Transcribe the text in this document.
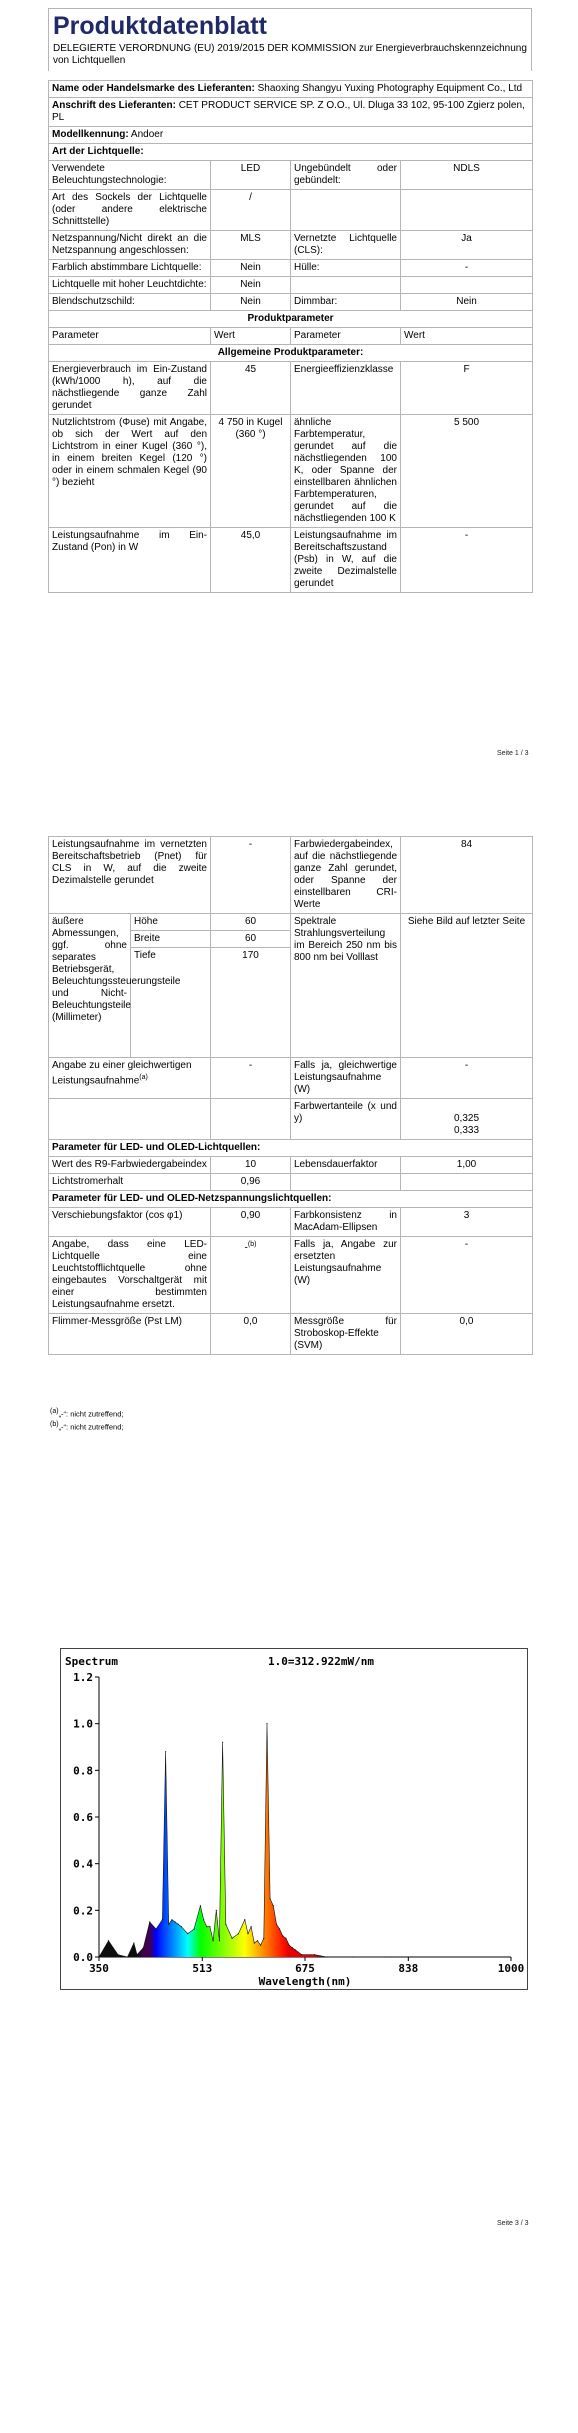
Produktdatenblatt
DELEGIERTE VERORDNUNG (EU) 2019/2015 DER KOMMISSION zur Energieverbrauchskennzeichnung von Lichtquellen
Name oder Handelsmarke des Lieferanten: Shaoxing Shangyu Yuxing Photography Equipment Co., Ltd			
Anschrift des Lieferanten: CET PRODUCT SERVICE SP. Z O.O., Ul. Dluga 33 102, 95-100 Zgierz polen, PL			
Modellkennung: Andoer			
Art der Lichtquelle:			
Verwendete Beleuchtungstechnologie:	LED	Ungebündelt oder gebündelt:	NDLS
Art des Sockels der Lichtquelle (oder andere elektrische Schnittstelle)	/		
Netzspannung/Nicht direkt an die Netzspannung angeschlossen:	MLS	Vernetzte Lichtquelle (CLS):	Ja
Farblich abstimmbare Lichtquelle:	Nein	Hülle:	-
Lichtquelle mit hoher Leuchtdichte:	Nein		
Blendschutzschild:	Nein	Dimmbar:	Nein
Produktparameter			
Parameter	Wert	Parameter	Wert
Allgemeine Produktparameter:			
Energieverbrauch im Ein-Zustand (kWh/1000 h), auf die nächstliegende ganze Zahl gerundet	45	Energieeffizienzklasse	F
Nutzlichtstrom (Φuse) mit Angabe, ob sich der Wert auf den Lichtstrom in einer Kugel (360 °), in einem breiten Kegel (120 °) oder in einem schmalen Kegel (90 °) bezieht	4 750 in Kugel (360 °)	ähnliche Farbtemperatur, gerundet auf die nächstliegenden 100 K, oder Spanne der einstellbaren ähnlichen Farbtemperaturen, gerundet auf die nächstliegenden 100 K	5 500
Leistungsaufnahme im Ein-Zustand (Pon) in W	45,0	Leistungsaufnahme im Bereitschaftszustand (Psb) in W, auf die zweite Dezimalstelle gerundet	-
Seite 1 / 3
Leistungsaufnahme im vernetzten Bereitschaftsbetrieb (Pnet) für CLS in W, auf die zweite Dezimalstelle gerundet		-	Farbwiedergabeindex, auf die nächstliegende ganze Zahl gerundet, oder Spanne der einstellbaren CRI-Werte	84
äußere Abmessungen, ggf. ohne separates Betriebsgerät, Beleuchtungssteuerungsteile und Nicht-Beleuchtungsteile (Millimeter)	Höhe	60	Spektrale Strahlungsverteilung im Bereich 250 nm bis 800 nm bei Volllast	Siehe Bild auf letzter Seite
	Breite	60		
	Tiefe	170		
Angabe zu einer gleichwertigen Leistungsaufnahme$^{(a)}$		-	Falls ja, gleichwertige Leistungsaufnahme (W)	-
			Farbwertanteile (x und y)	0,325
0,333

Parameter für LED- und OLED-Lichtquellen:				
Wert des R9-Farbwiedergabeindex		10	Lebensdauerfaktor	1,00
Lichtstromerhalt		0,96		
Parameter für LED- und OLED-Netzspannungslichtquellen:				
Verschiebungsfaktor (cos φ1)		0,90	Farbkonsistenz in MacAdam-Ellipsen	3
Angabe, dass eine LED-Lichtquelle eine Leuchtstofflichtquelle ohne eingebautes Vorschaltgerät mit einer bestimmten Leistungsaufnahme ersetzt.		-$^{(b)}$	Falls ja, Angabe zur ersetzten Leistungsaufnahme (W)	-
Flimmer-Messgröße (Pst LM)		0,0	Messgröße für Stroboskop-Effekte (SVM)	0,0
$^{(a)}$„-“: nicht zutreffend;
$^{(b)}$„-“: nicht zutreffend;
Spectrum	1.0=312.922mW/nm
0.0
0.2
0.4
0.6
0.8
1.0
1.2
350	513	675	838	1000
Wavelength(nm)
Seite 3 / 3
